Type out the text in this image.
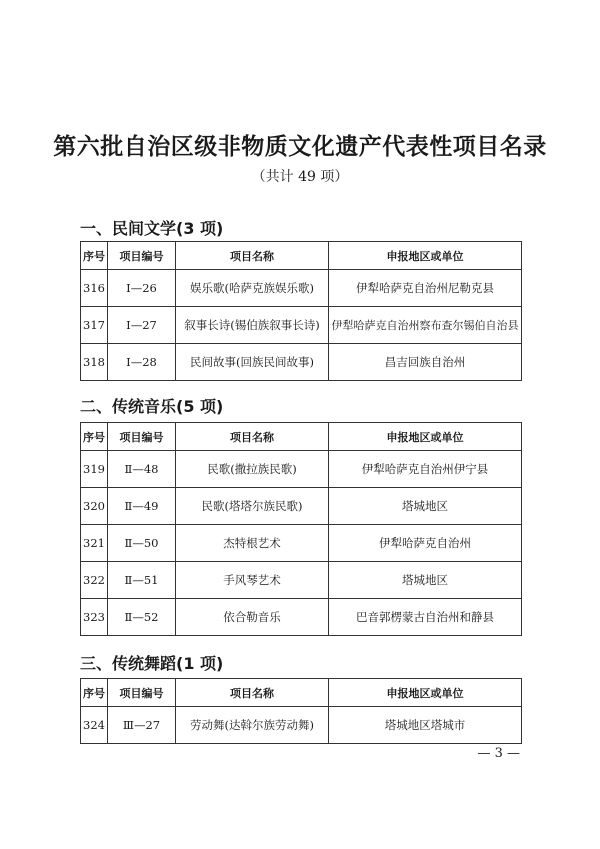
第六批自治区级非物质文化遗产代表性项目名录
（共计 49 项）
一、民间文学(3 项)
序号	项目编号	项目名称	申报地区或单位
316	Ⅰ—26	娱乐歌(哈萨克族娱乐歌)	伊犁哈萨克自治州尼勒克县
317	Ⅰ—27	叙事长诗(锡伯族叙事长诗)	伊犁哈萨克自治州察布查尔锡伯自治县
318	Ⅰ—28	民间故事(回族民间故事)	昌吉回族自治州
二、传统音乐(5 项)
序号	项目编号	项目名称	申报地区或单位
319	Ⅱ—48	民歌(撒拉族民歌)	伊犁哈萨克自治州伊宁县
320	Ⅱ—49	民歌(塔塔尔族民歌)	塔城地区
321	Ⅱ—50	杰特根艺术	伊犁哈萨克自治州
322	Ⅱ—51	手风琴艺术	塔城地区
323	Ⅱ—52	依合勒音乐	巴音郭楞蒙古自治州和静县
三、传统舞蹈(1 项)
序号	项目编号	项目名称	申报地区或单位
324	Ⅲ—27	劳动舞(达斡尔族劳动舞)	塔城地区塔城市
— 3 —
